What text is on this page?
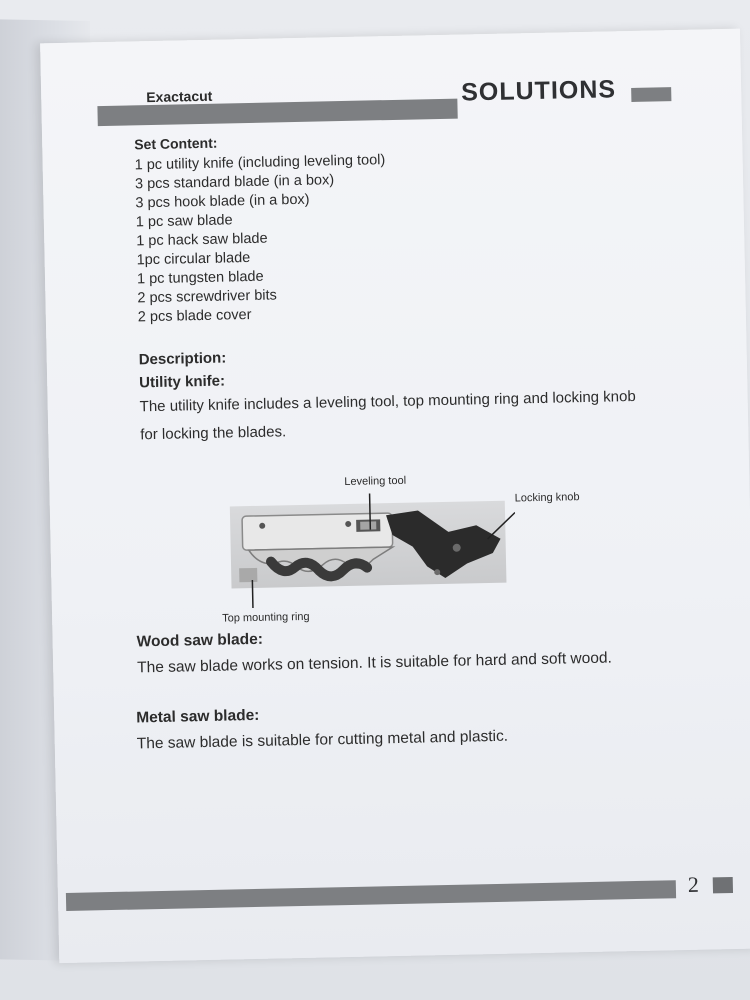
Exactacut	SOLUTIONS
Set Content:
1 pc utility knife (including leveling tool)
3 pcs standard blade (in a box)
3 pcs hook blade (in a box)
1 pc saw blade
1 pc hack saw blade
1pc circular blade
1 pc tungsten blade
2 pcs screwdriver bits
2 pcs blade cover
Description:
Utility knife:
The utility knife includes a leveling tool, top mounting ring and locking knob for locking the blades.
Leveling tool
Locking knob
Top mounting ring
Wood saw blade:
The saw blade works on tension. It is suitable for hard and soft wood.
Metal saw blade:
The saw blade is suitable for cutting metal and plastic.
2
